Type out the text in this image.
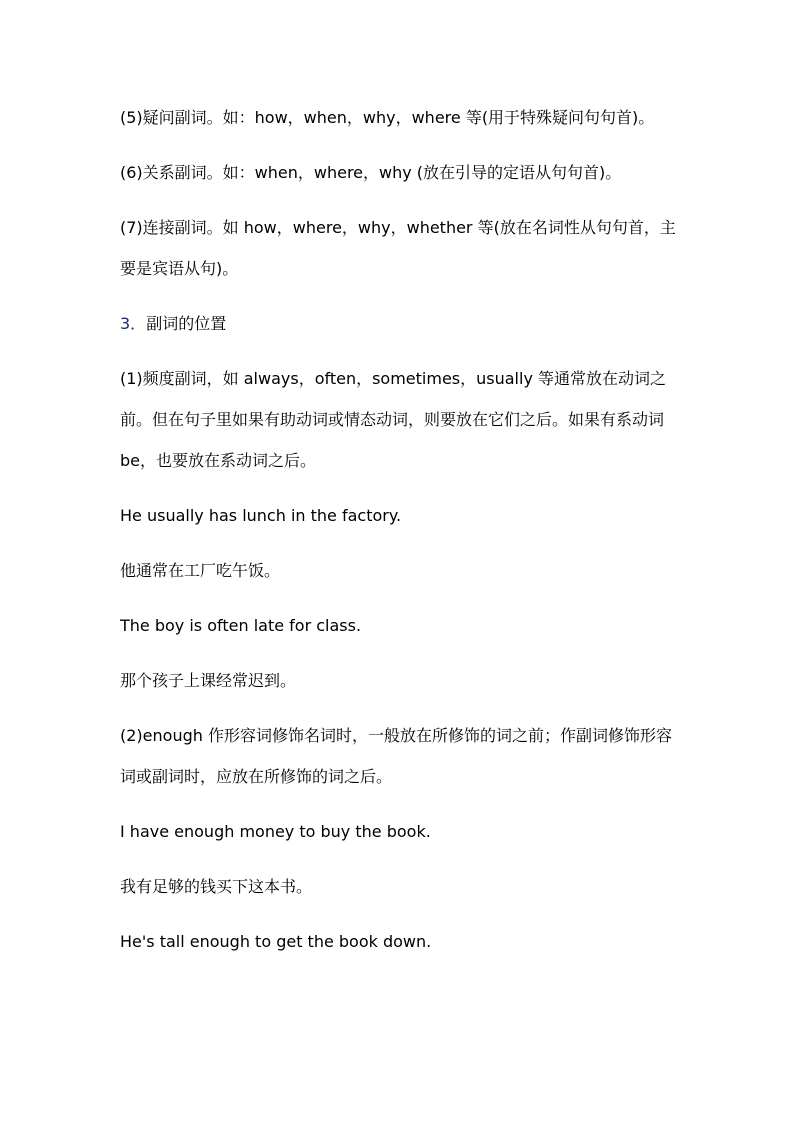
(5)疑问副词。如：how，when，why，where 等(用于特殊疑问句句首)。

(6)关系副词。如：when，where，why (放在引导的定语从句句首)。

(7)连接副词。如 how，where，why，whether 等(放在名词性从句句首，主要是宾语从句)。

3．副词的位置

(1)频度副词，如 always，often，sometimes，usually 等通常放在动词之前。但在句子里如果有助动词或情态动词，则要放在它们之后。如果有系动词 be，也要放在系动词之后。

He usually has lunch in the factory.

他通常在工厂吃午饭。

The boy is often late for class.

那个孩子上课经常迟到。

(2)enough 作形容词修饰名词时，一般放在所修饰的词之前；作副词修饰形容词或副词时，应放在所修饰的词之后。

I have enough money to buy the book.

我有足够的钱买下这本书。

He's tall enough to get the book down.
